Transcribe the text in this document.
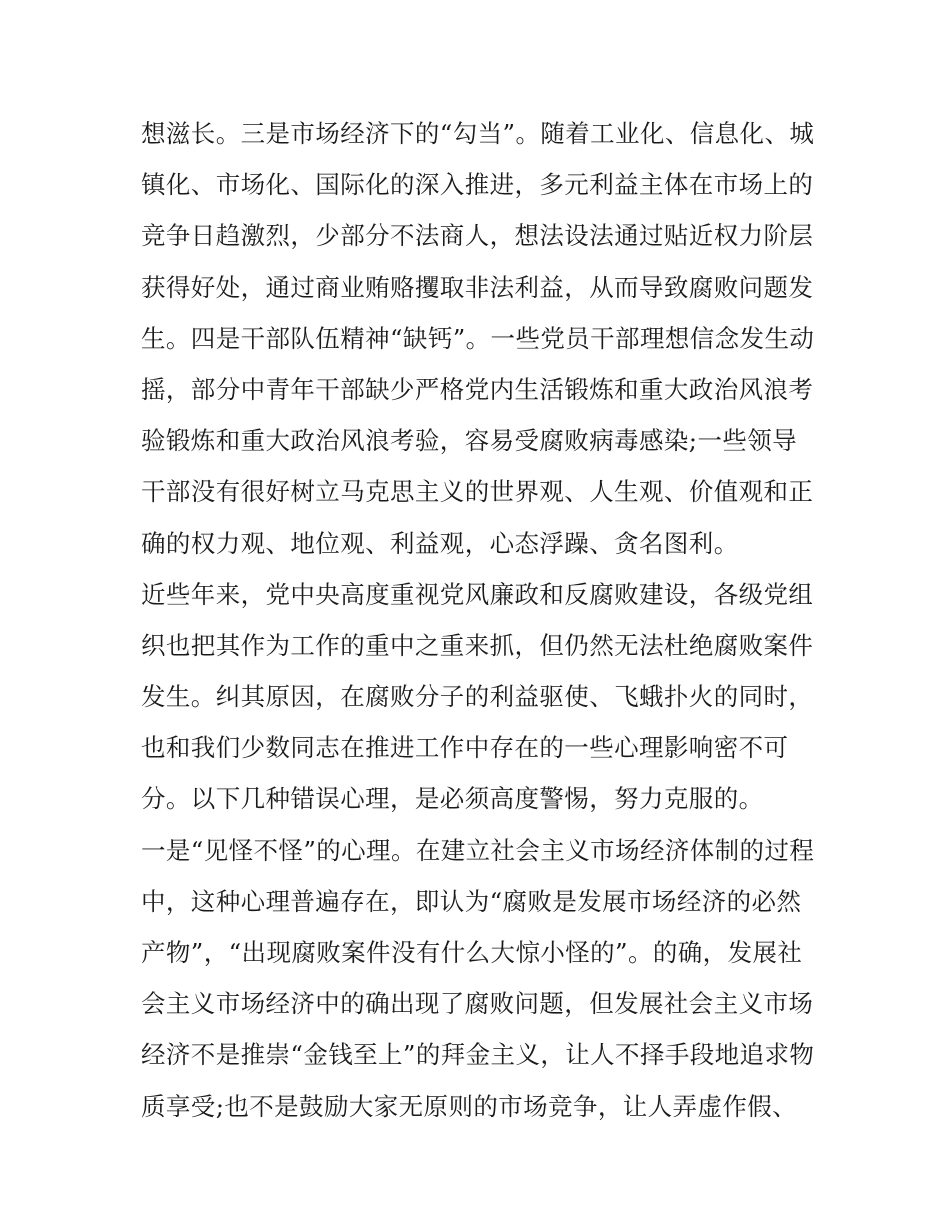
想滋长。三是市场经济下的“勾当”。随着工业化、信息化、城
镇化、市场化、国际化的深入推进，多元利益主体在市场上的
竞争日趋激烈，少部分不法商人，想法设法通过贴近权力阶层
获得好处，通过商业贿赂攫取非法利益，从而导致腐败问题发
生。四是干部队伍精神“缺钙”。一些党员干部理想信念发生动
摇，部分中青年干部缺少严格党内生活锻炼和重大政治风浪考
验锻炼和重大政治风浪考验，容易受腐败病毒感染;一些领导
干部没有很好树立马克思主义的世界观、人生观、价值观和正
确的权力观、地位观、利益观，心态浮躁、贪名图利。
近些年来，党中央高度重视党风廉政和反腐败建设，各级党组
织也把其作为工作的重中之重来抓，但仍然无法杜绝腐败案件
发生。纠其原因，在腐败分子的利益驱使、飞蛾扑火的同时，
也和我们少数同志在推进工作中存在的一些心理影响密不可
分。以下几种错误心理，是必须高度警惕，努力克服的。
一是“见怪不怪”的心理。在建立社会主义市场经济体制的过程
中，这种心理普遍存在，即认为“腐败是发展市场经济的必然
产物”，“出现腐败案件没有什么大惊小怪的”。的确，发展社
会主义市场经济中的确出现了腐败问题，但发展社会主义市场
经济不是推崇“金钱至上”的拜金主义，让人不择手段地追求物
质享受;也不是鼓励大家无原则的市场竞争，让人弄虚作假、
